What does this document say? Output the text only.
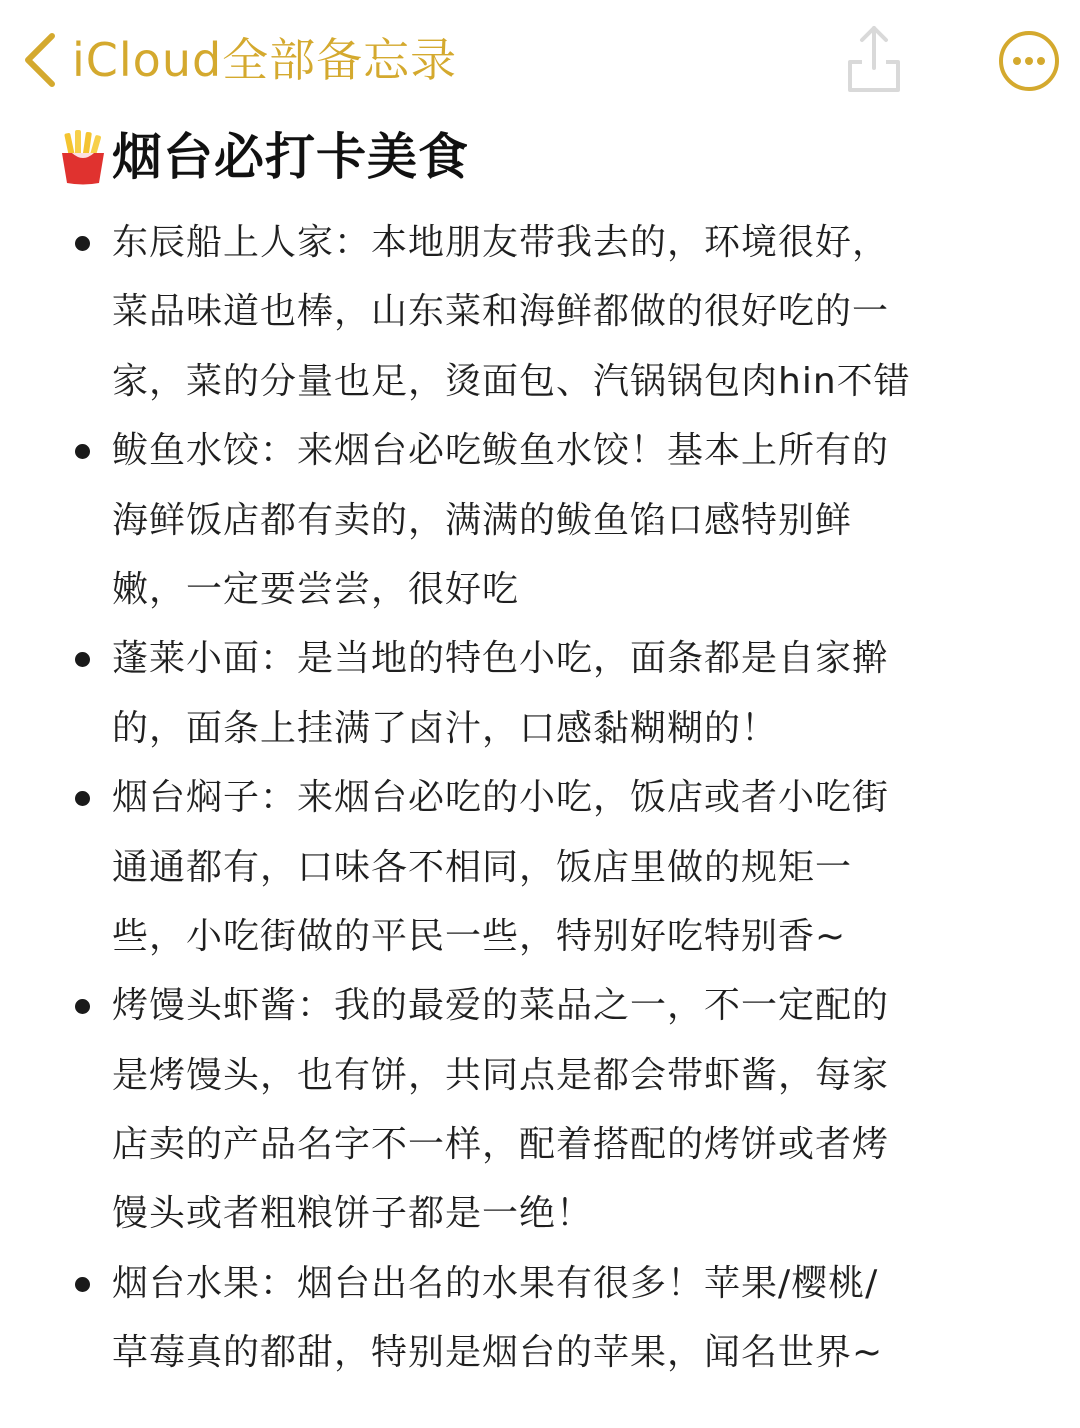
iCloud全部备忘录
烟台必打卡美食
东辰船上人家：本地朋友带我去的，环境很好，
菜品味道也棒，山东菜和海鲜都做的很好吃的一
家，菜的分量也足，烫面包、汽锅锅包肉hin不错
鲅鱼水饺：来烟台必吃鲅鱼水饺！基本上所有的
海鲜饭店都有卖的，满满的鲅鱼馅口感特别鲜
嫩，一定要尝尝，很好吃
蓬莱小面：是当地的特色小吃，面条都是自家擀
的，面条上挂满了卤汁，口感黏糊糊的！
烟台焖子：来烟台必吃的小吃，饭店或者小吃街
通通都有，口味各不相同，饭店里做的规矩一
些，小吃街做的平民一些，特别好吃特别香~
烤馒头虾酱：我的最爱的菜品之一，不一定配的
是烤馒头，也有饼，共同点是都会带虾酱，每家
店卖的产品名字不一样，配着搭配的烤饼或者烤
馒头或者粗粮饼子都是一绝！
烟台水果：烟台出名的水果有很多！苹果/樱桃/
草莓真的都甜，特别是烟台的苹果，闻名世界~
